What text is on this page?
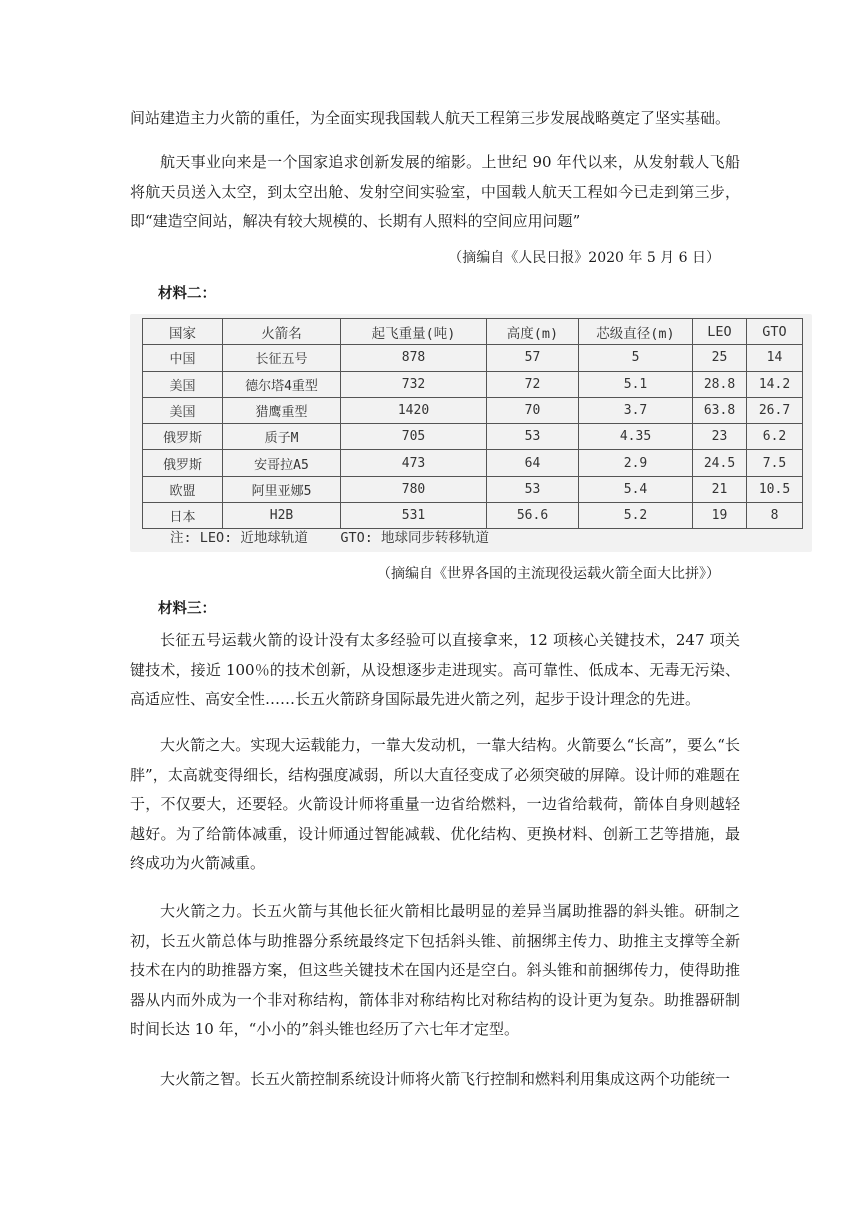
间站建造主力火箭的重任，为全面实现我国载人航天工程第三步发展战略奠定了坚实基础。

航天事业向来是一个国家追求创新发展的缩影。上世纪 90 年代以来，从发射载人飞船将航天员送入太空，到太空出舱、发射空间实验室，中国载人航天工程如今已走到第三步，即“建造空间站，解决有较大规模的、长期有人照料的空间应用问题”

（摘编自《人民日报》2020 年 5 月 6 日）
材料二：
国家	火箭名	起飞重量(吨)	高度(m)	芯级直径(m)	LEO	GTO
中国	长征五号	878	57	5	25	14
美国	德尔塔4重型	732	72	5.1	28.8	14.2
美国	猎鹰重型	1420	70	3.7	63.8	26.7
俄罗斯	质子M	705	53	4.35	23	6.2
俄罗斯	安哥拉A5	473	64	2.9	24.5	7.5
欧盟	阿里亚娜5	780	53	5.4	21	10.5
日本	H2B	531	56.6	5.2	19	8
注: LEO: 近地球轨道    GTO: 地球同步转移轨道
（摘编自《世界各国的主流现役运载火箭全面大比拼》）
材料三：

长征五号运载火箭的设计没有太多经验可以直接拿来，12 项核心关键技术，247 项关键技术，接近 100％的技术创新，从设想逐步走进现实。高可靠性、低成本、无毒无污染、高适应性、高安全性……长五火箭跻身国际最先进火箭之列，起步于设计理念的先进。

大火箭之大。实现大运载能力，一靠大发动机，一靠大结构。火箭要么“长高”，要么“长胖”，太高就变得细长，结构强度减弱，所以大直径变成了必须突破的屏障。设计师的难题在于，不仅要大，还要轻。火箭设计师将重量一边省给燃料，一边省给载荷，箭体自身则越轻越好。为了给箭体减重，设计师通过智能减载、优化结构、更换材料、创新工艺等措施，最终成功为火箭减重。

大火箭之力。长五火箭与其他长征火箭相比最明显的差异当属助推器的斜头锥。研制之初，长五火箭总体与助推器分系统最终定下包括斜头锥、前捆绑主传力、助推主支撑等全新技术在内的助推器方案，但这些关键技术在国内还是空白。斜头锥和前捆绑传力，使得助推器从内而外成为一个非对称结构，箭体非对称结构比对称结构的设计更为复杂。助推器研制时间长达 10 年，“小小的”斜头锥也经历了六七年才定型。

大火箭之智。长五火箭控制系统设计师将火箭飞行控制和燃料利用集成这两个功能统一
